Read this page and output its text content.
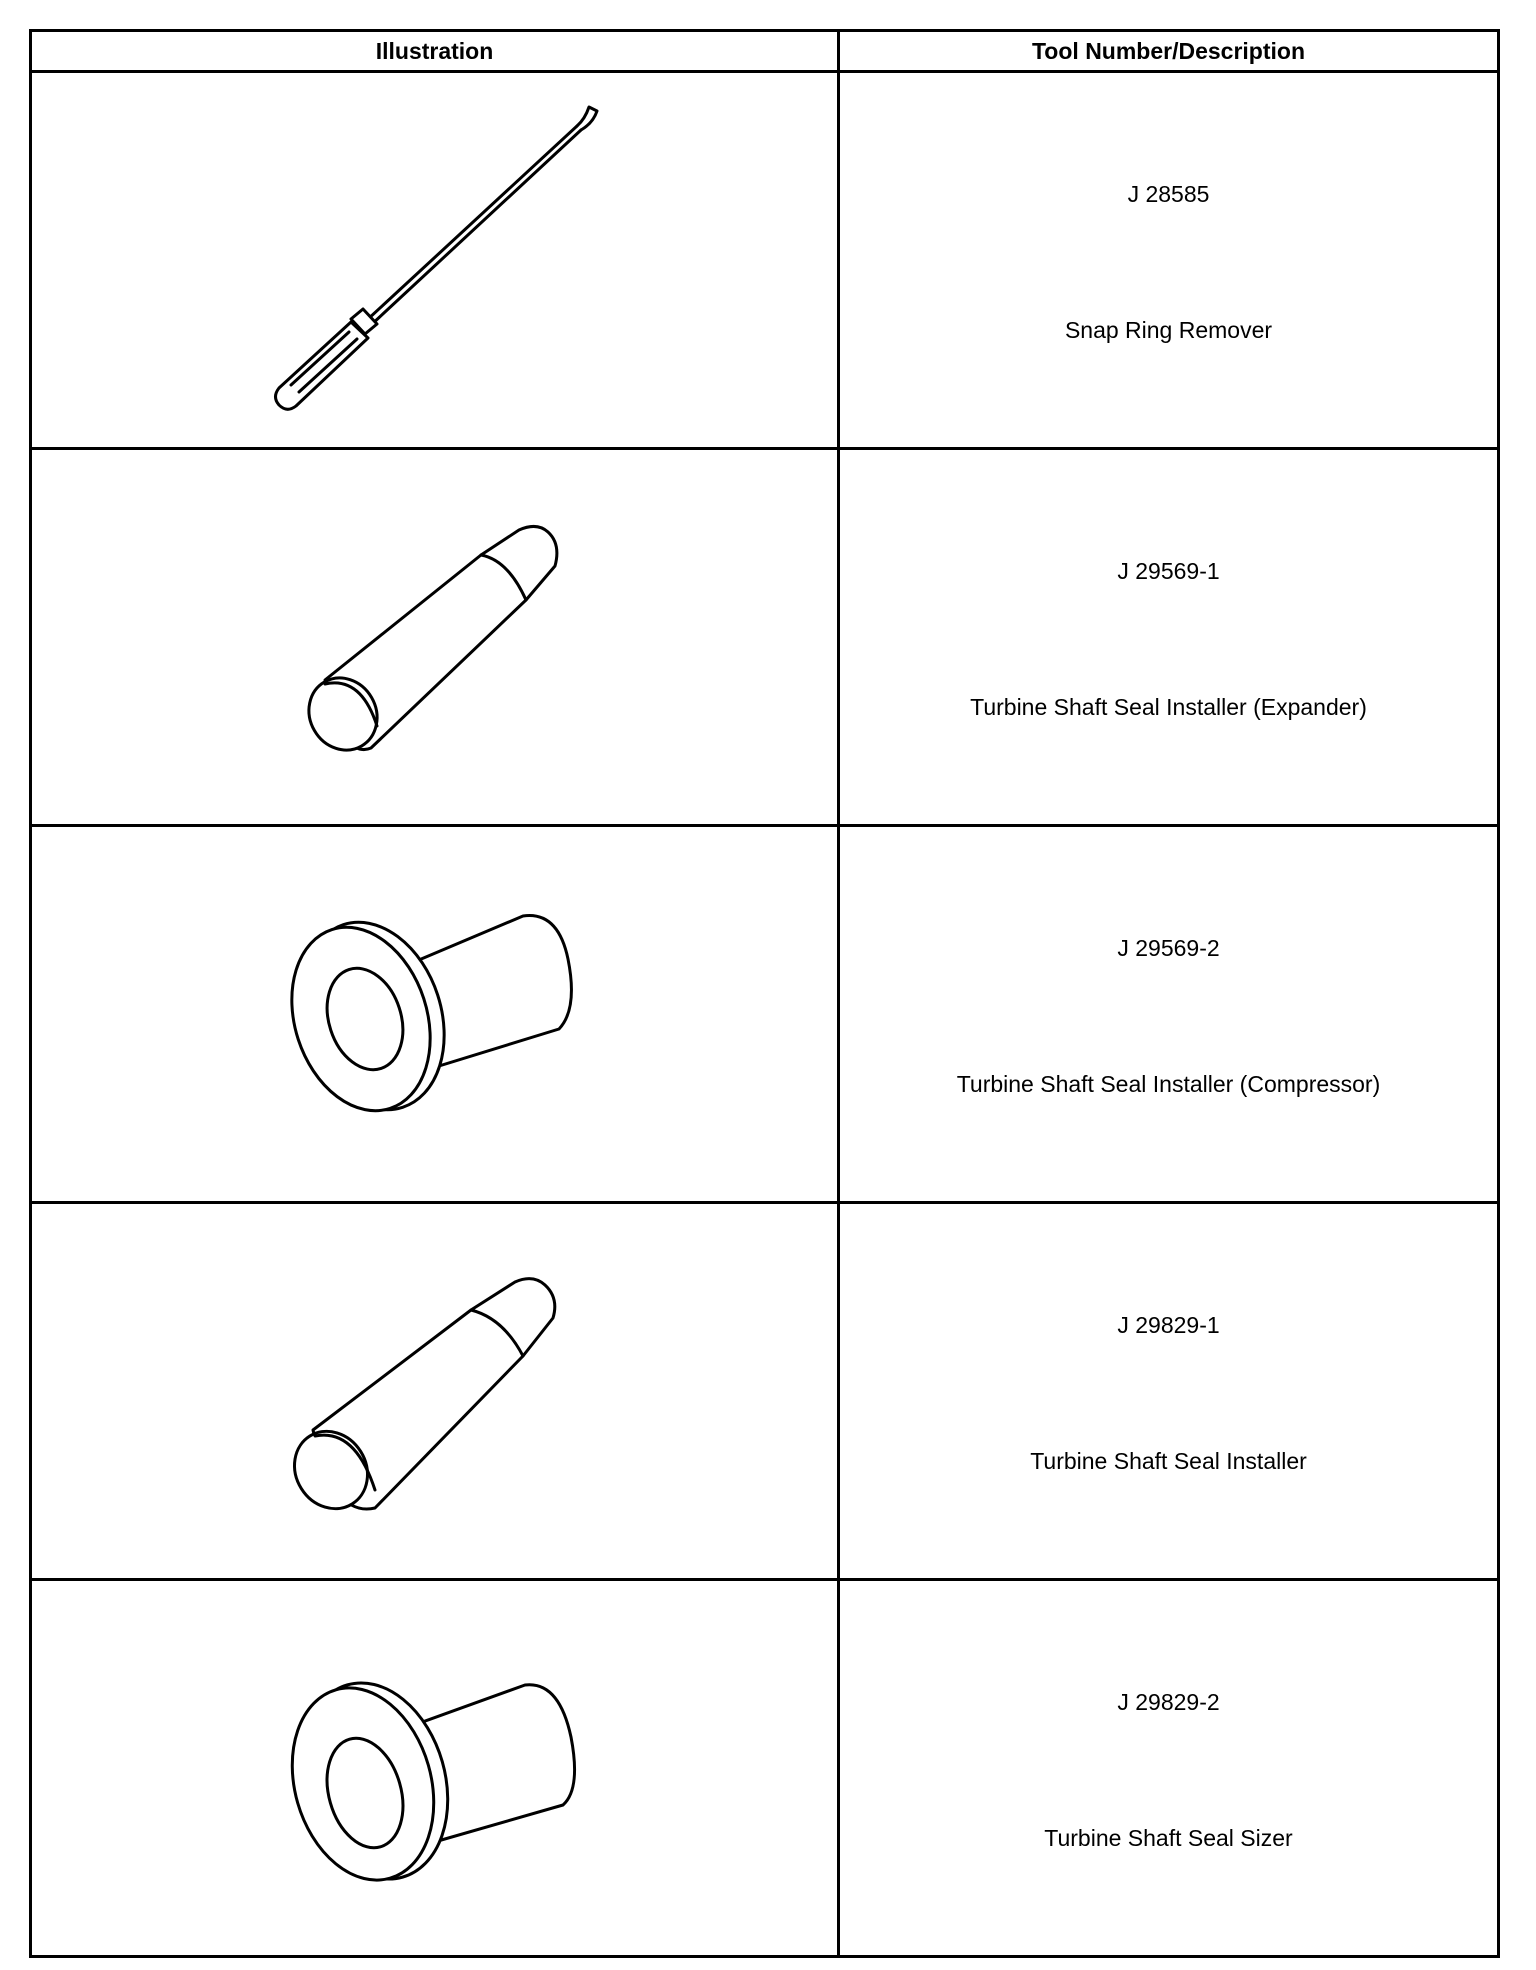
Illustration	Tool Number/Description

J 28585
Snap Ring Remover

J 29569-1
Turbine Shaft Seal Installer (Expander)

J 29569-2
Turbine Shaft Seal Installer (Compressor)

J 29829-1
Turbine Shaft Seal Installer

J 29829-2
Turbine Shaft Seal Sizer
